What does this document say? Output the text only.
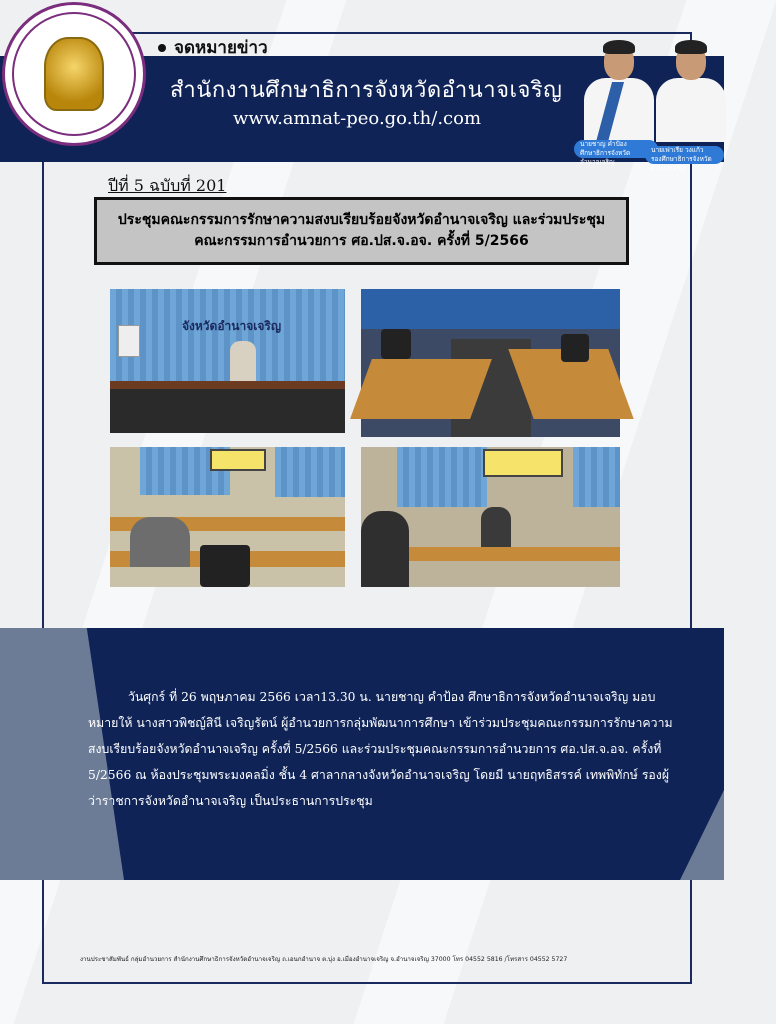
จดหมายข่าว
สำนักงานศึกษาธิการจังหวัดอำนาจเจริญ
www.amnat-peo.go.th/.com
นายชาญ คำป้อง
ศึกษาธิการจังหวัดอำนาจเจริญ
นายเฟาเรีย วงแก้ว
รองศึกษาธิการจังหวัดอำนาจเจริญ
ปีที่ 5 ฉบับที่ 201
ประชุมคณะกรรมการรักษาความสงบเรียบร้อยจังหวัดอำนาจเจริญ และร่วมประชุม คณะกรรมการอำนวยการ ศอ.ปส.จ.อจ. ครั้งที่ 5/2566
จังหวัดอำนาจเจริญ
วันศุกร์ ที่ 26 พฤษภาคม 2566 เวลา13.30 น. นายชาญ คำป้อง ศึกษาธิการจังหวัดอำนาจเจริญ มอบหมายให้ นางสาวพิชญ์สินี เจริญรัตน์ ผู้อำนวยการกลุ่มพัฒนาการศึกษา เข้าร่วมประชุมคณะกรรมการรักษาความสงบเรียบร้อยจังหวัดอำนาจเจริญ ครั้งที่ 5/2566 และร่วมประชุมคณะกรรมการอำนวยการ ศอ.ปส.จ.อจ. ครั้งที่ 5/2566 ณ ห้องประชุมพระมงคลมิ่ง ชั้น 4 ศาลากลางจังหวัดอำนาจเจริญ โดยมี นายฤทธิสรรค์ เทพพิทักษ์ รองผู้ว่าราชการจังหวัดอำนาจเจริญ เป็นประธานการประชุม
งานประชาสัมพันธ์ กลุ่มอำนวยการ สำนักงานศึกษาธิการจังหวัดอำนาจเจริญ ถ.เอนกอำนาจ ต.บุ่ง อ.เมืองอำนาจเจริญ จ.อำนาจเจริญ 37000 โทร 04552 5816 /โทรสาร 04552 5727
